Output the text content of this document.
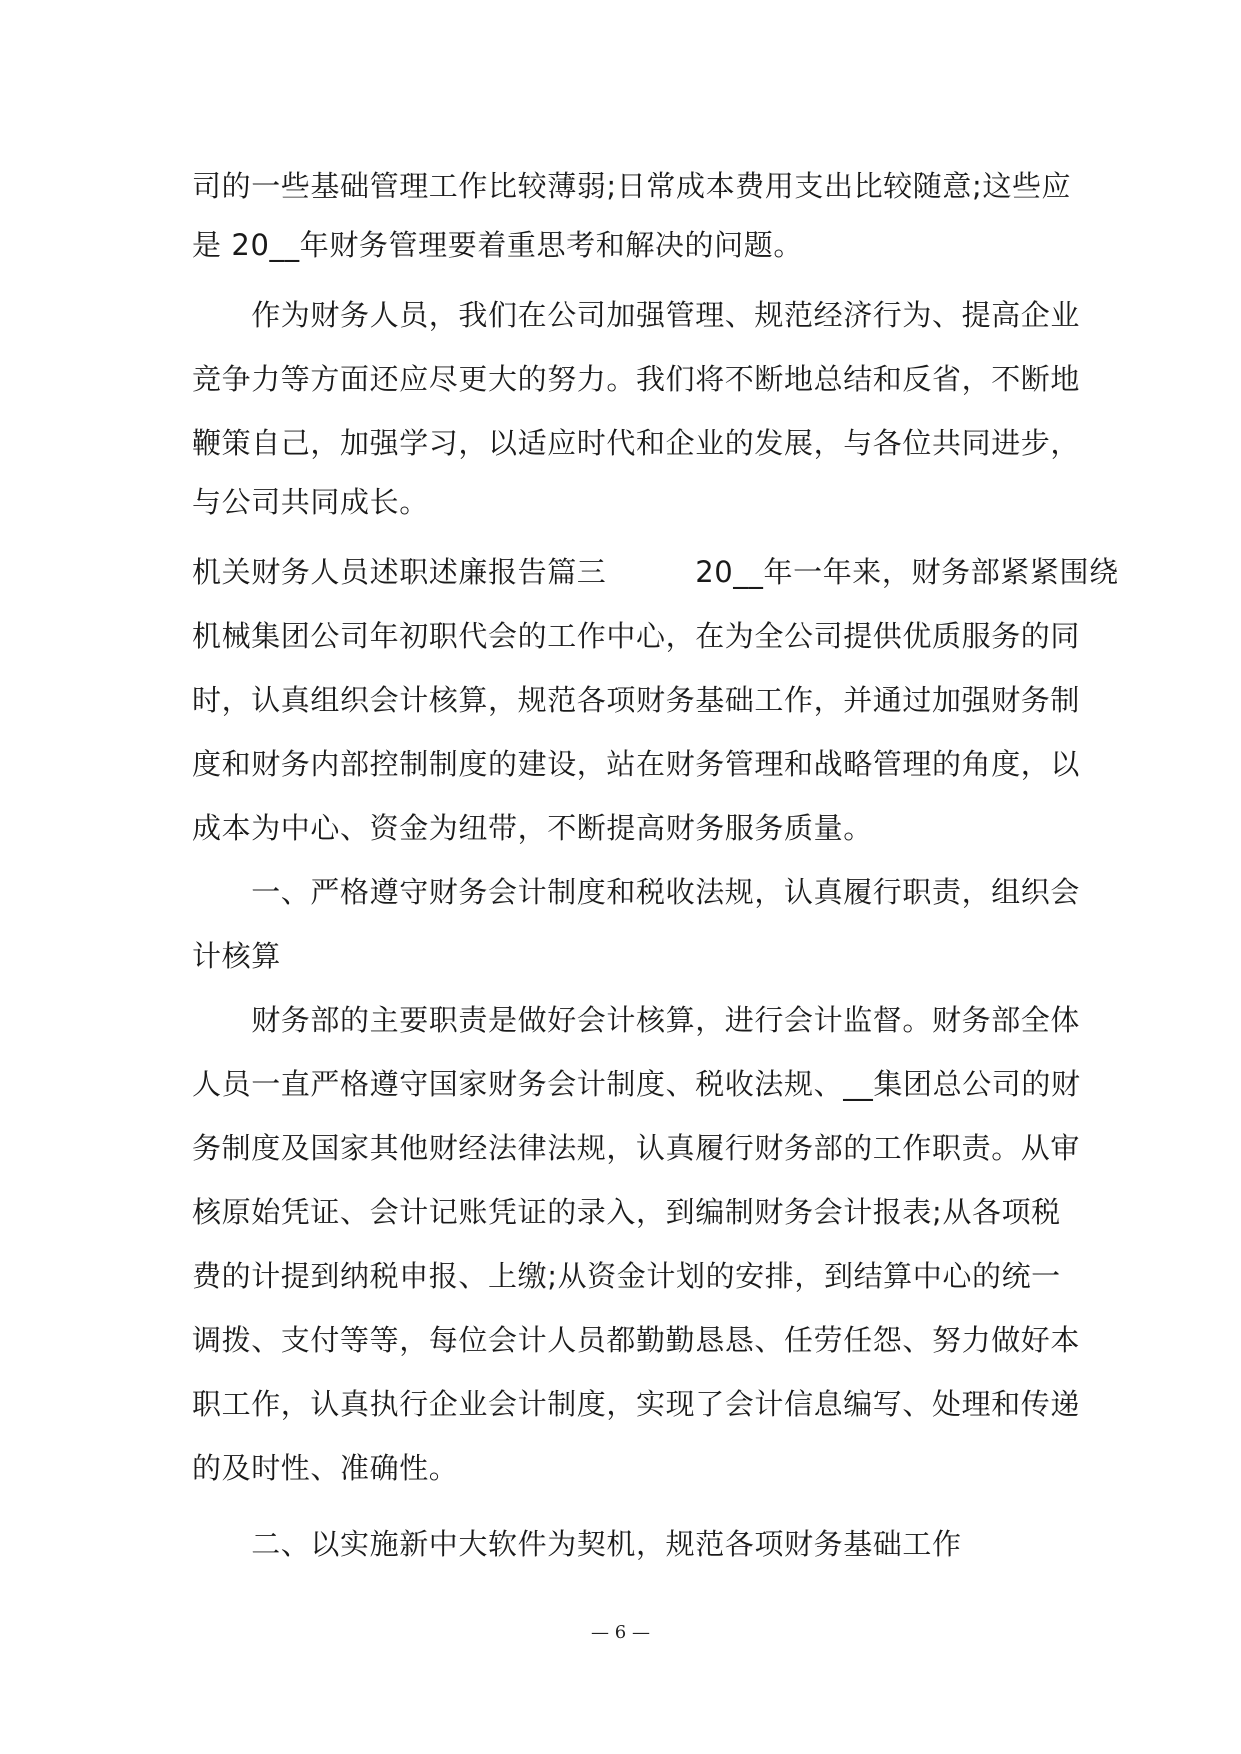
司的一些基础管理工作比较薄弱;日常成本费用支出比较随意;这些应
是 20__年财务管理要着重思考和解决的问题。
　　作为财务人员，我们在公司加强管理、规范经济行为、提高企业
竞争力等方面还应尽更大的努力。我们将不断地总结和反省，不断地
鞭策自己，加强学习，以适应时代和企业的发展，与各位共同进步，
与公司共同成长。
机关财务人员述职述廉报告篇三　　　20__年一年来，财务部紧紧围绕
机械集团公司年初职代会的工作中心，在为全公司提供优质服务的同
时，认真组织会计核算，规范各项财务基础工作，并通过加强财务制
度和财务内部控制制度的建设，站在财务管理和战略管理的角度，以
成本为中心、资金为纽带，不断提高财务服务质量。
　　一、严格遵守财务会计制度和税收法规，认真履行职责，组织会
计核算
　　财务部的主要职责是做好会计核算，进行会计监督。财务部全体
人员一直严格遵守国家财务会计制度、税收法规、__集团总公司的财
务制度及国家其他财经法律法规，认真履行财务部的工作职责。从审
核原始凭证、会计记账凭证的录入，到编制财务会计报表;从各项税
费的计提到纳税申报、上缴;从资金计划的安排，到结算中心的统一
调拨、支付等等，每位会计人员都勤勤恳恳、任劳任怨、努力做好本
职工作，认真执行企业会计制度，实现了会计信息编写、处理和传递
的及时性、准确性。
　　二、以实施新中大软件为契机，规范各项财务基础工作
— 6 —
